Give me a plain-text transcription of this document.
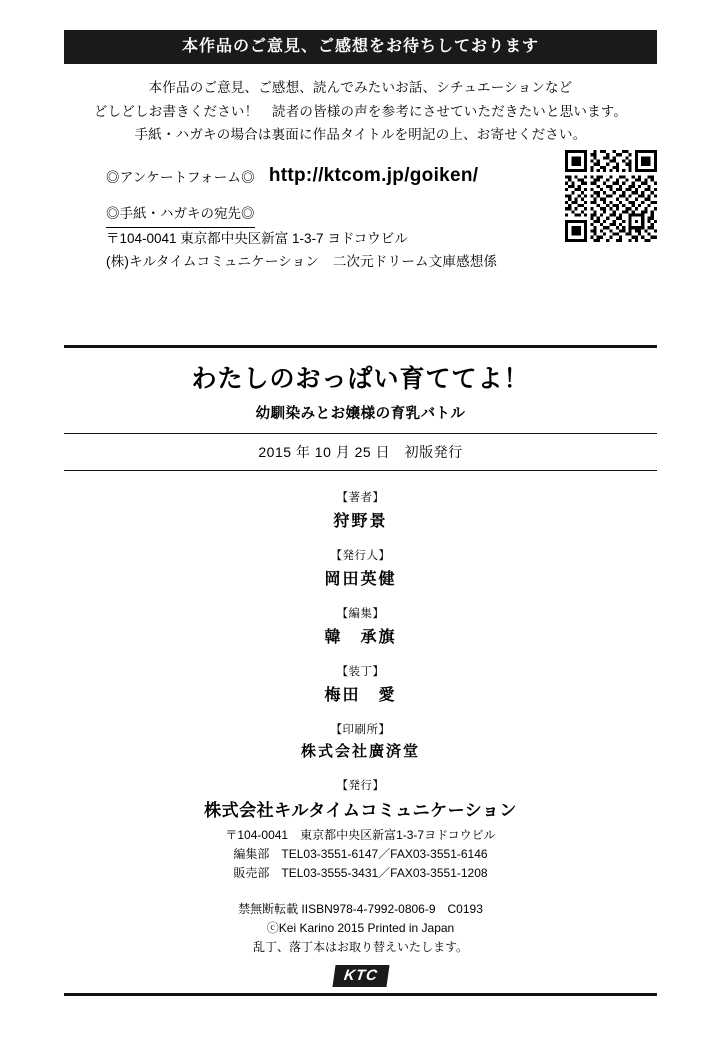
本作品のご意見、ご感想をお待ちしております
本作品のご意見、ご感想、読んでみたいお話、シチュエーションなど
どしどしお書きください！　読者の皆様の声を参考にさせていただきたいと思います。
手紙・ハガキの場合は裏面に作品タイトルを明記の上、お寄せください。
◎アンケートフォーム◎ http://ktcom.jp/goiken/
◎手紙・ハガキの宛先◎
〒104-0041 東京都中央区新富 1-3-7 ヨドコウビル
(株)キルタイムコミュニケーション　二次元ドリーム文庫感想係
わたしのおっぱい育ててよ！
幼馴染みとお嬢様の育乳バトル
2015 年 10 月 25 日　初版発行
【著者】
狩野景
【発行人】
岡田英健
【編集】
韓　承旗
【装丁】
梅田　愛
【印刷所】
株式会社廣済堂
【発行】
株式会社キルタイムコミュニケーション
〒104-0041　東京都中央区新富1-3-7ヨドコウビル
編集部　TEL03-3551-6147／FAX03-3551-6146
販売部　TEL03-3555-3431／FAX03-3551-1208
禁無断転載 IISBN978-4-7992-0806-9　C0193
ⓒKei Karino 2015 Printed in Japan
乱丁、落丁本はお取り替えいたします。
KTC
